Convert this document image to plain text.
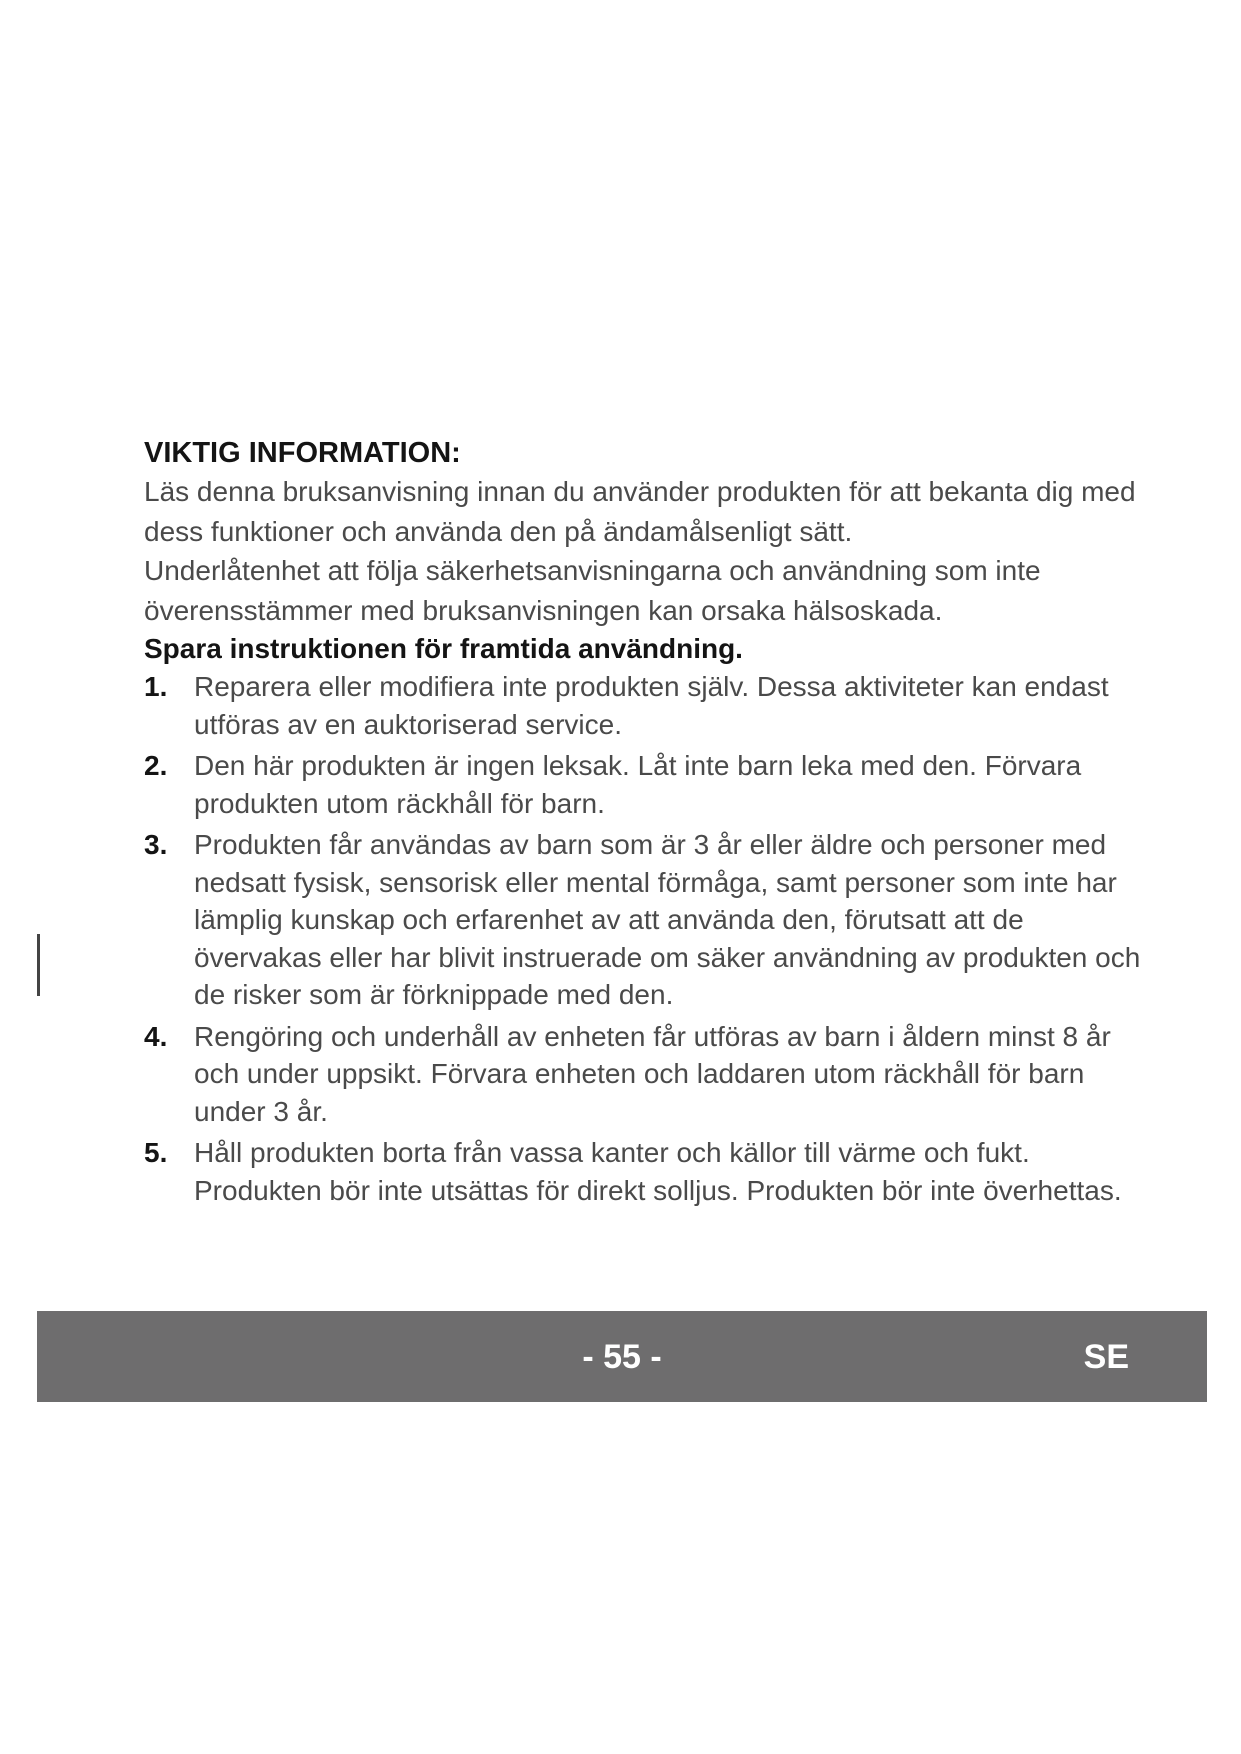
VIKTIG INFORMATION:

Läs denna bruksanvisning innan du använder produkten för att bekanta dig med dess funktioner och använda den på ändamålsenligt sätt.

Underlåtenhet att följa säkerhetsanvisningarna och användning som inte överensstämmer med bruksanvisningen kan orsaka hälsoskada.

Spara instruktionen för framtida användning.

1. Reparera eller modifiera inte produkten själv. Dessa aktiviteter kan endast utföras av en auktoriserad service.
2. Den här produkten är ingen leksak. Låt inte barn leka med den. Förvara produkten utom räckhåll för barn.
3. Produkten får användas av barn som är 3 år eller äldre och personer med nedsatt fysisk, sensorisk eller mental förmåga, samt personer som inte har lämplig kunskap och erfarenhet av att använda den, förutsatt att de övervakas eller har blivit instruerade om säker användning av produkten och de risker som är förknippade med den.
4. Rengöring och underhåll av enheten får utföras av barn i åldern minst 8 år och under uppsikt. Förvara enheten och laddaren utom räckhåll för barn under 3 år.
5. Håll produkten borta från vassa kanter och källor till värme och fukt. Produkten bör inte utsättas för direkt solljus. Produkten bör inte överhettas.
- 55 -	SE
